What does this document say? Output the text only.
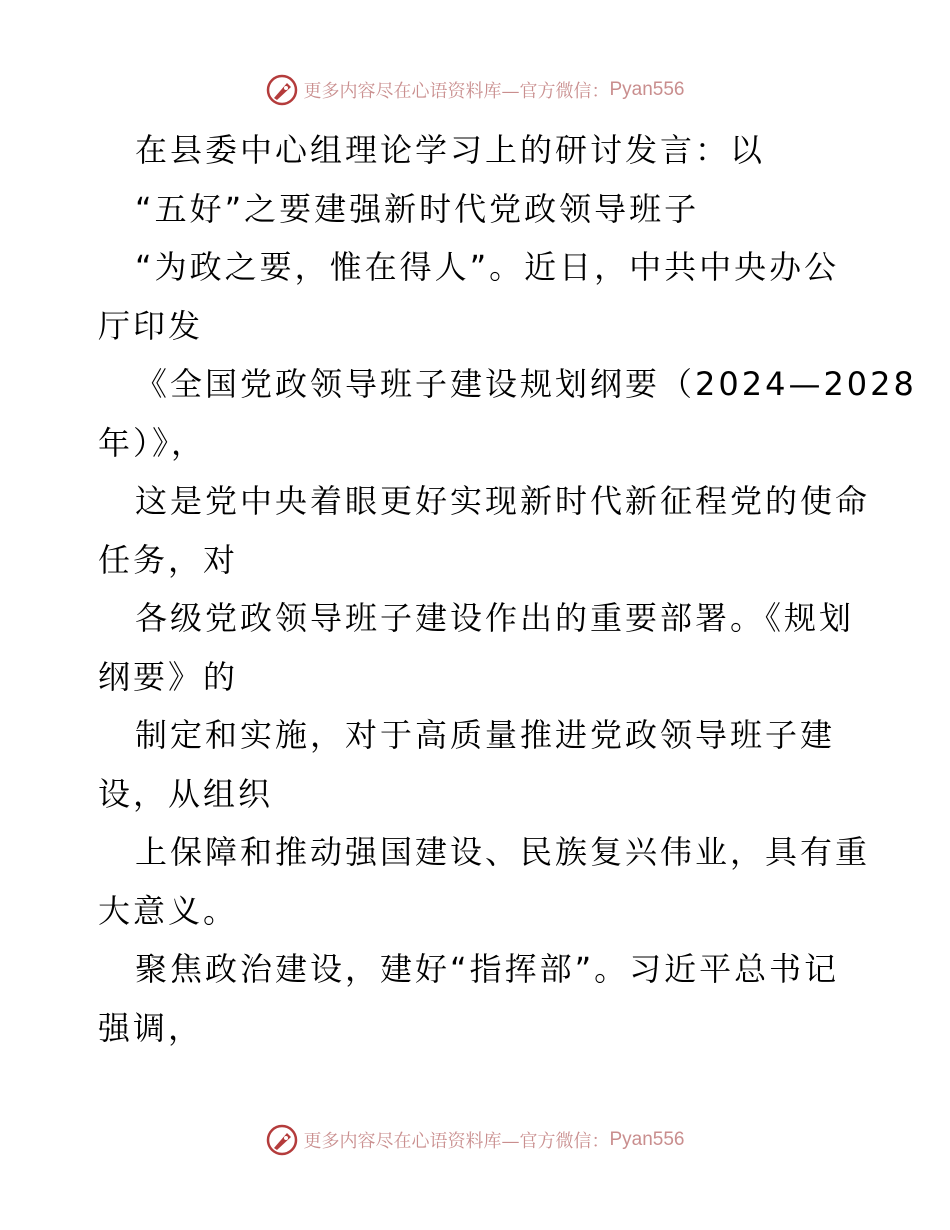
更多内容尽在心语资料库—官方微信： Pyan556
在县委中心组理论学习上的研讨发言：以
“五好”之要建强新时代党政领导班子
“为政之要，惟在得人”。近日，中共中央办公
厅印发
《全国党政领导班子建设规划纲要（2024—2028
年）》，
这是党中央着眼更好实现新时代新征程党的使命
任务，对
各级党政领导班子建设作出的重要部署。《规划
纲要》的
制定和实施，对于高质量推进党政领导班子建
设，从组织
上保障和推动强国建设、民族复兴伟业，具有重
大意义。
聚焦政治建设，建好“指挥部”。习近平总书记
强调，
更多内容尽在心语资料库—官方微信： Pyan556
